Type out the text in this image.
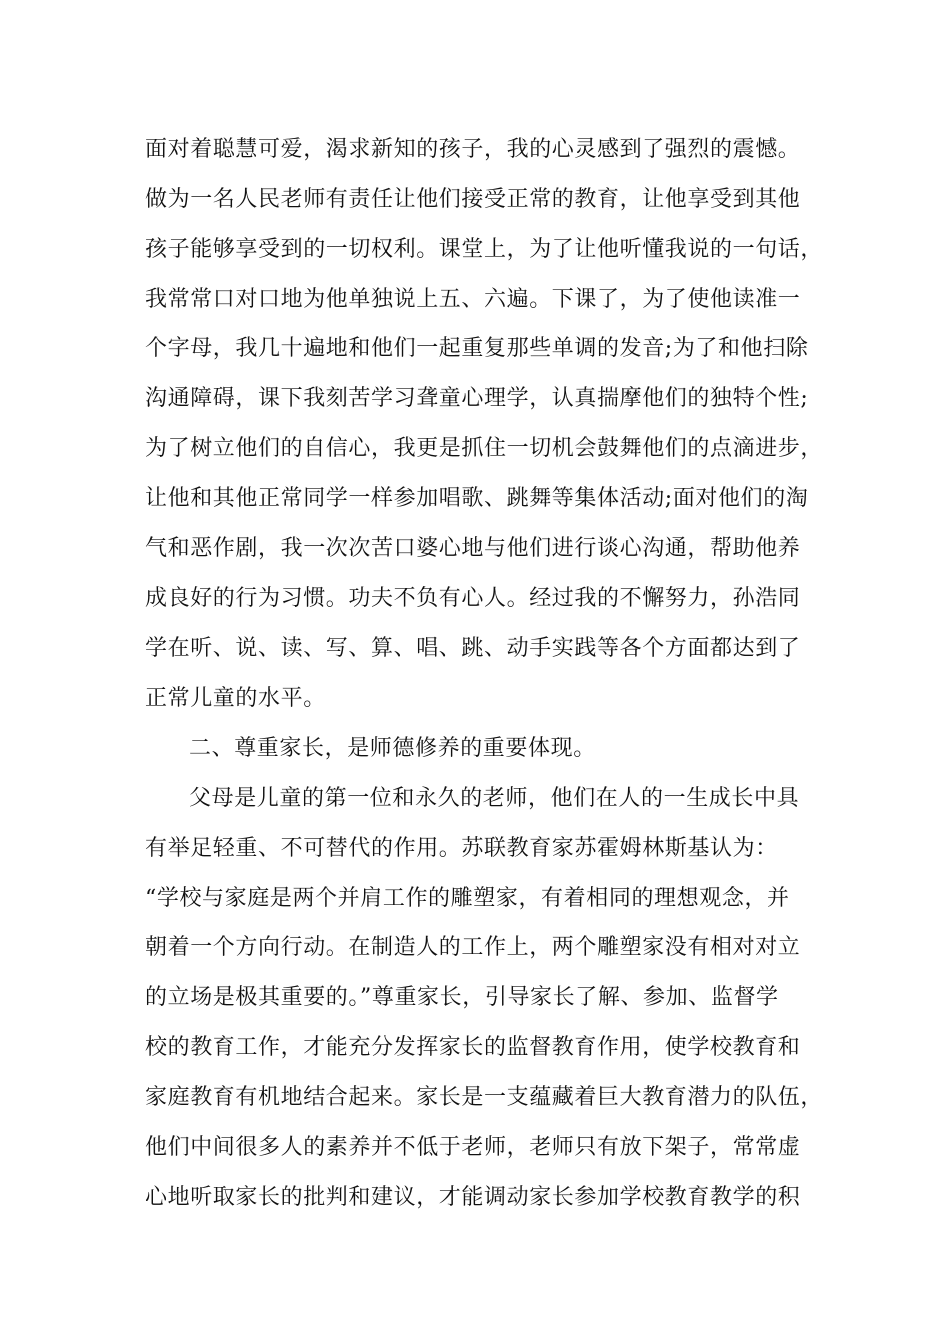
面对着聪慧可爱，渴求新知的孩子，我的心灵感到了强烈的震憾。
做为一名人民老师有责任让他们接受正常的教育，让他享受到其他
孩子能够享受到的一切权利。课堂上，为了让他听懂我说的一句话，
我常常口对口地为他单独说上五、六遍。下课了，为了使他读准一
个字母，我几十遍地和他们一起重复那些单调的发音;为了和他扫除
沟通障碍，课下我刻苦学习聋童心理学，认真揣摩他们的独特个性;
为了树立他们的自信心，我更是抓住一切机会鼓舞他们的点滴进步，
让他和其他正常同学一样参加唱歌、跳舞等集体活动;面对他们的淘
气和恶作剧，我一次次苦口婆心地与他们进行谈心沟通，帮助他养
成良好的行为习惯。功夫不负有心人。经过我的不懈努力，孙浩同
学在听、说、读、写、算、唱、跳、动手实践等各个方面都达到了
正常儿童的水平。
二、尊重家长，是师德修养的重要体现。
父母是儿童的第一位和永久的老师，他们在人的一生成长中具
有举足轻重、不可替代的作用。苏联教育家苏霍姆林斯基认为：
“学校与家庭是两个并肩工作的雕塑家，有着相同的理想观念，并
朝着一个方向行动。在制造人的工作上，两个雕塑家没有相对对立
的立场是极其重要的。”尊重家长，引导家长了解、参加、监督学
校的教育工作，才能充分发挥家长的监督教育作用，使学校教育和
家庭教育有机地结合起来。家长是一支蕴藏着巨大教育潜力的队伍，
他们中间很多人的素养并不低于老师，老师只有放下架子，常常虚
心地听取家长的批判和建议，才能调动家长参加学校教育教学的积
